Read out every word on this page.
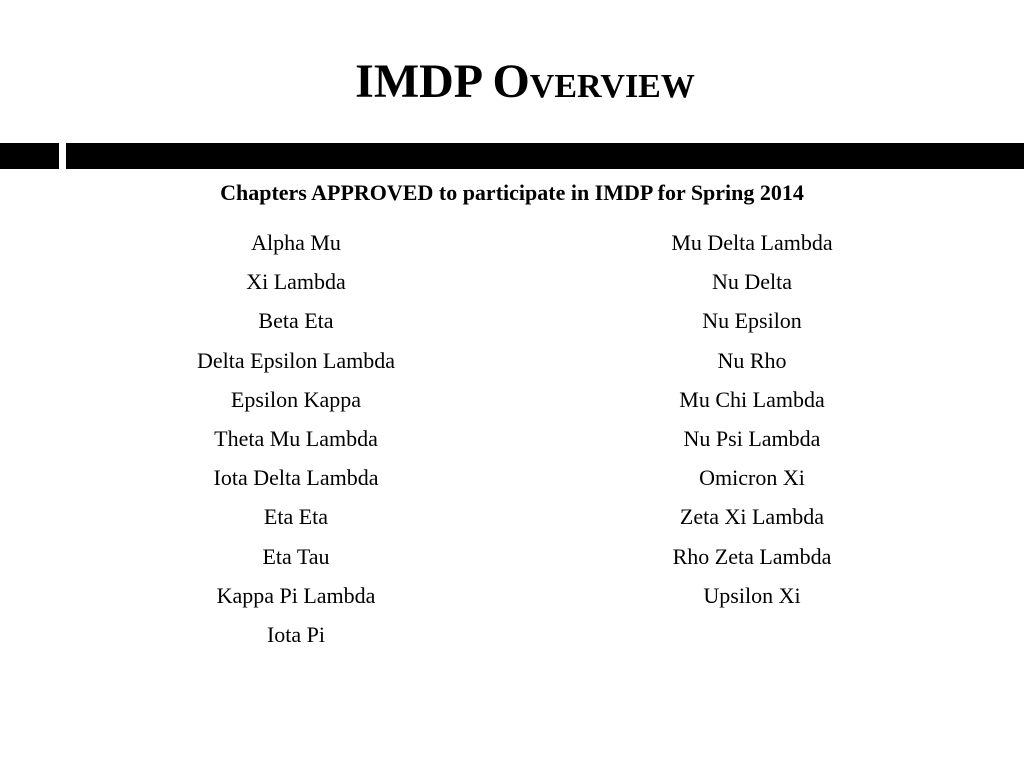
IMDP Overview
Chapters APPROVED to participate in IMDP for Spring 2014
Alpha Mu
Xi Lambda
Beta Eta
Delta Epsilon Lambda
Epsilon Kappa
Theta Mu Lambda
Iota Delta Lambda
Eta Eta
Eta Tau
Kappa Pi Lambda
Iota Pi
Mu Delta Lambda
Nu Delta
Nu Epsilon
Nu Rho
Mu Chi Lambda
Nu Psi Lambda
Omicron Xi
Zeta Xi Lambda
Rho Zeta Lambda
Upsilon Xi
